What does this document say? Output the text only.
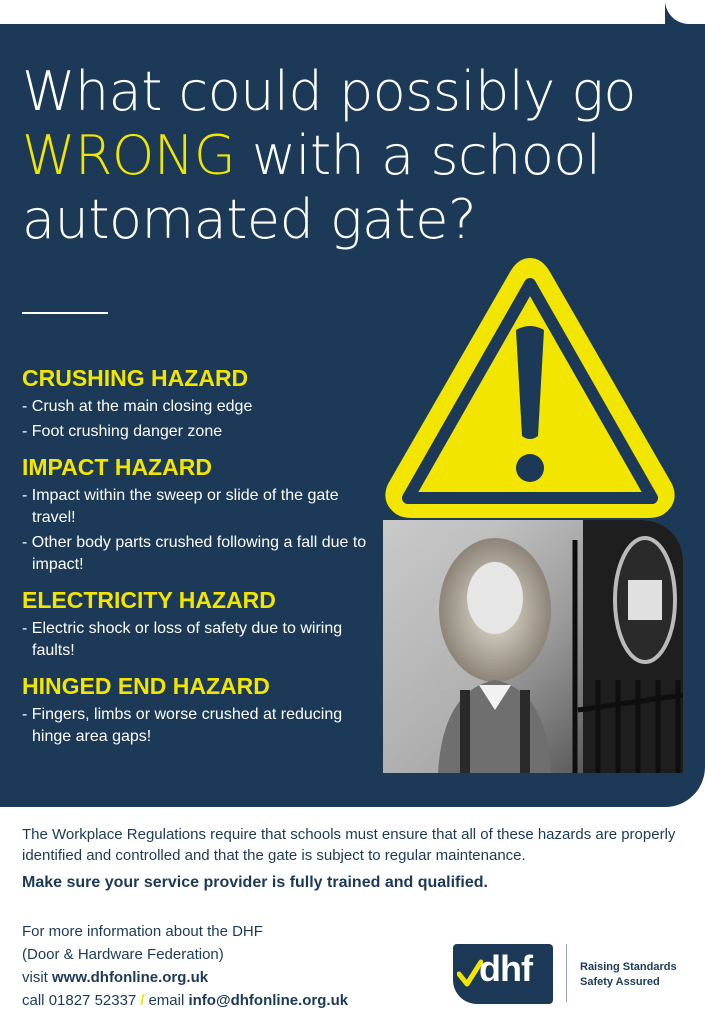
What could possibly go
WRONG with a school
automated gate?

CRUSHING HAZARD

- Crush at the main closing edge

- Foot crushing danger zone

IMPACT HAZARD

- Impact within the sweep or slide of the gate travel!

- Other body parts crushed following a fall due to impact!

ELECTRICITY HAZARD

- Electric shock or loss of safety due to wiring faults!

HINGED END HAZARD

- Fingers, limbs or worse crushed at reducing hinge area gaps!

The Workplace Regulations require that schools must ensure that all of these hazards are properly identified and controlled and that the gate is subject to regular maintenance.

Make sure your service provider is fully trained and qualified.

For more information about the DHF
(Door & Hardware Federation)
visit www.dhfonline.org.uk
call 01827 52337 / email info@dhfonline.org.uk
dhf	Raising Standards
Safety Assured
